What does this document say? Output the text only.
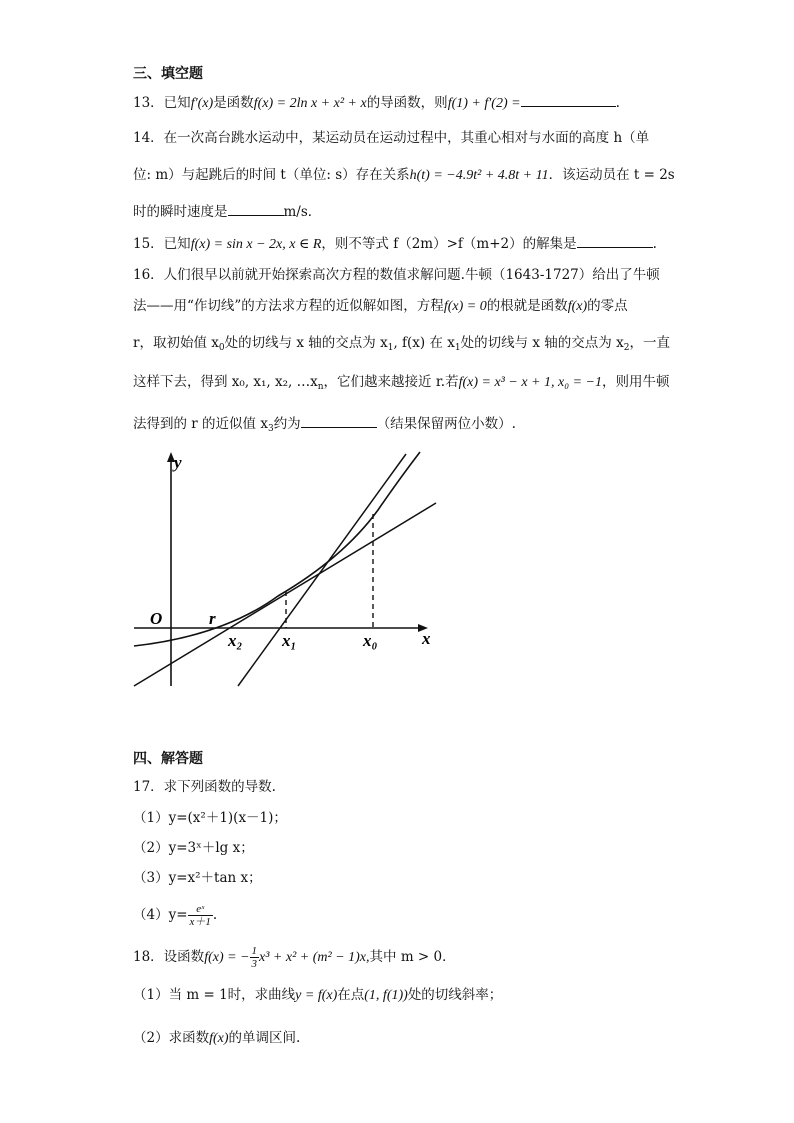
三、填空题
13．已知f′(x)是函数f(x) = 2ln x + x² + x的导函数，则f(1) + f′(2) =	.
14．在一次高台跳水运动中，某运动员在运动过程中，其重心相对与水面的高度 h（单
位: m）与起跳后的时间 t（单位: s）存在关系h(t) = −4.9t² + 4.8t + 11．该运动员在 t = 2s
时的瞬时速度是	m/s．
15．已知f(x) = sin x − 2x, x ∈ R，则不等式 f（2m）>f（m+2）的解集是	.
16．人们很早以前就开始探索高次方程的数值求解问题.牛顿（1643-1727）给出了牛顿
法——用“作切线”的方法求方程的近似解如图，方程f(x) = 0的根就是函数f(x)的零点
r，取初始值 $x_0$处的切线与 x 轴的交点为 $x_1$, f(x) 在 $x_1$处的切线与 x 轴的交点为 $x_2$，一直
这样下去，得到 x₀, x₁, x₂, $\dots x_n$，它们越来越接近 r.若f(x) = x³ − x + 1, x₀ = −1，则用牛顿
法得到的 r 的近似值 $x_3$约为	（结果保留两位小数）.
y
O	r
x₂ x₁	x₀	x
四、解答题
17．求下列函数的导数.
（1）y=(x²＋1)(x－1)；
（2）y=3ˣ＋lg x；
（3）y=x²＋tan x；
$(4)y= \frac{\text{eˣ}}{x+1}$ .
18．设函数f(x) = − $\frac{1}{3} x^3 + x^2 + (m^2 - 1)x$,其中 m > 0．
（1）当 m = 1时，求曲线y = f(x)在点(1, f(1))处的切线斜率；
（2）求函数f(x)的单调区间.
